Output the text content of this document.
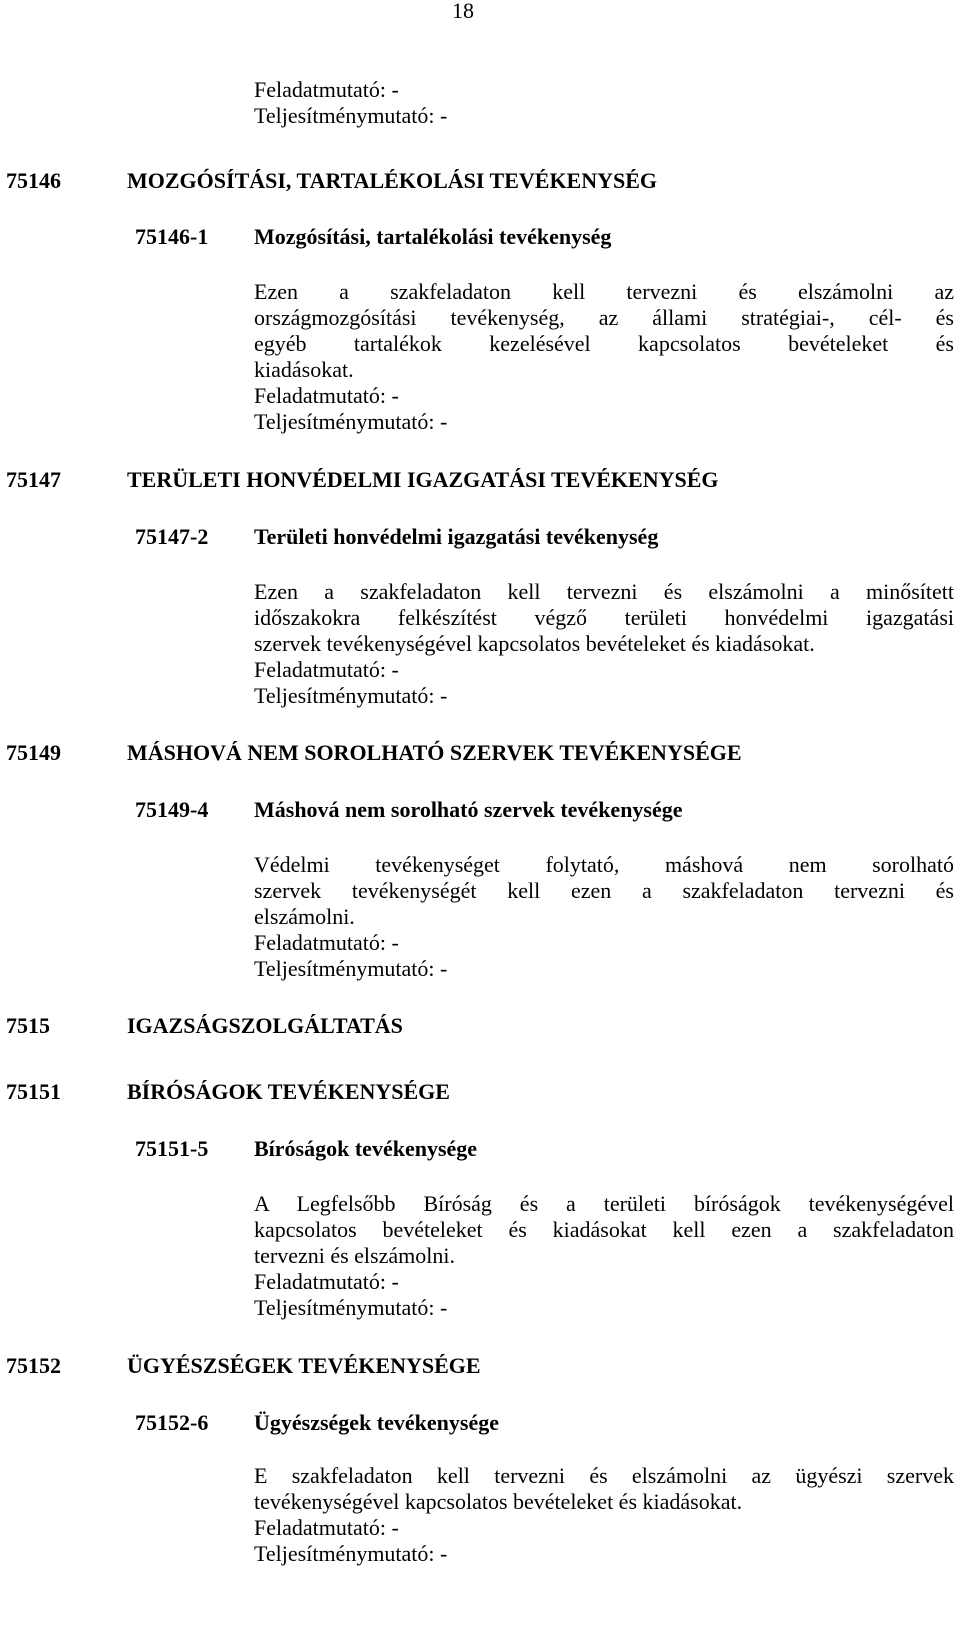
18
Feladatmutató: -
Teljesítménymutató: -
75146	MOZGÓSÍTÁSI, TARTALÉKOLÁSI TEVÉKENYSÉG
75146-1 Mozgósítási, tartalékolási tevékenység
Ezen a szakfeladaton kell tervezni és elszámolni az
országmozgósítási tevékenység, az állami stratégiai-, cél- és
egyéb tartalékok kezelésével kapcsolatos bevételeket és
kiadásokat.
Feladatmutató: -
Teljesítménymutató: -
75147	TERÜLETI HONVÉDELMI IGAZGATÁSI TEVÉKENYSÉG
75147-2 Területi honvédelmi igazgatási tevékenység
Ezen a szakfeladaton kell tervezni és elszámolni a minősített
időszakokra felkészítést végző területi honvédelmi igazgatási
szervek tevékenységével kapcsolatos bevételeket és kiadásokat.
Feladatmutató: -
Teljesítménymutató: -
75149	MÁSHOVÁ NEM SOROLHATÓ SZERVEK TEVÉKENYSÉGE
75149-4 Máshová nem sorolható szervek tevékenysége
Védelmi tevékenységet folytató, máshová nem sorolható
szervek tevékenységét kell ezen a szakfeladaton tervezni és
elszámolni.
Feladatmutató: -
Teljesítménymutató: -
7515	IGAZSÁGSZOLGÁLTATÁS
75151	BÍRÓSÁGOK TEVÉKENYSÉGE
75151-5 Bíróságok tevékenysége
A Legfelsőbb Bíróság és a területi bíróságok tevékenységével
kapcsolatos bevételeket és kiadásokat kell ezen a szakfeladaton
tervezni és elszámolni.
Feladatmutató: -
Teljesítménymutató: -
75152	ÜGYÉSZSÉGEK TEVÉKENYSÉGE
75152-6 Ügyészségek tevékenysége
E szakfeladaton kell tervezni és elszámolni az ügyészi szervek
tevékenységével kapcsolatos bevételeket és kiadásokat.
Feladatmutató: -
Teljesítménymutató: -
